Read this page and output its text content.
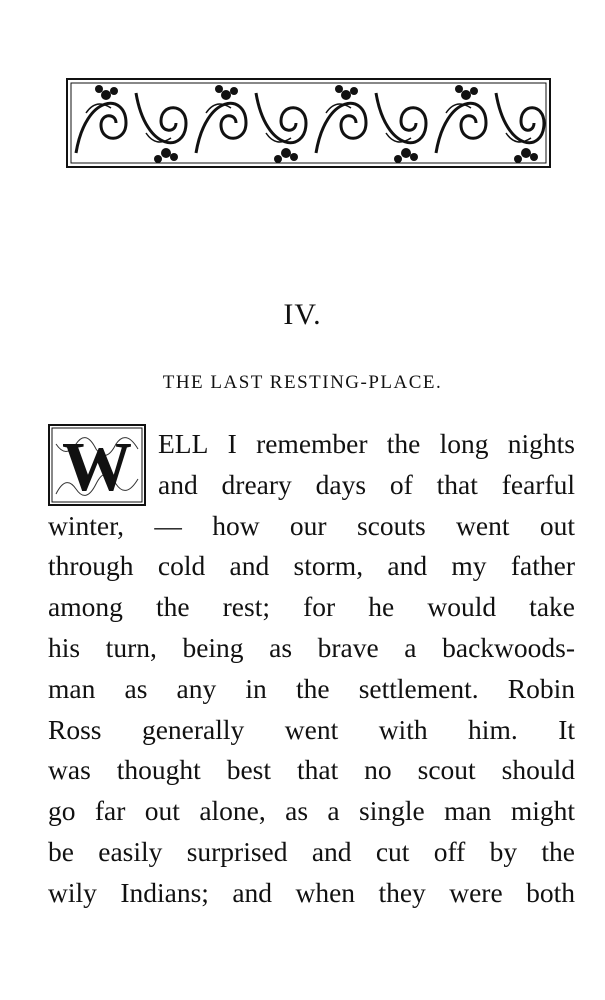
IV.
THE LAST RESTING-PLACE.
W ELL I remember the long nights
and dreary days of that fearful
winter, — how our scouts went out
through cold and storm, and my father
among the rest; for he would take
his turn, being as brave a backwoods-
man as any in the settlement. Robin
Ross generally went with him. It
was thought best that no scout should
go far out alone, as a single man might
be easily surprised and cut off by the
wily Indians; and when they were both
